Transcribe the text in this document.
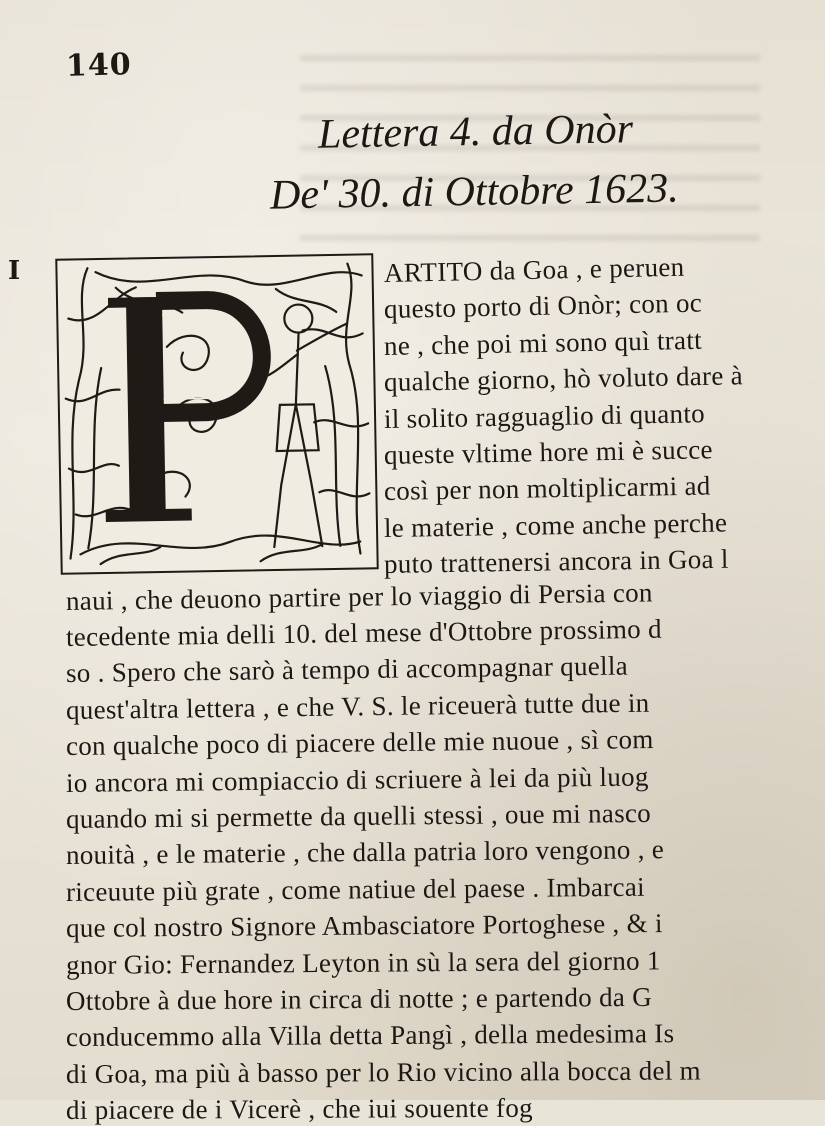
140
Lettera 4. da Onòr
De' 30. di Ottobre 1623.
I	ARTITO da Goa , e peruen
questo porto di Onòr; con oc
ne , che poi mi sono quì tratt
qualche giorno, hò voluto dare à
il solito ragguaglio di quanto
queste vltime hore mi è succe
così per non moltiplicarmi ad
le materie , come anche perche
puto trattenersi ancora in Goa l
naui , che deuono partire per lo viaggio di Persia con
tecedente mia delli 10. del mese d'Ottobre prossimo d
so . Spero che sarò à tempo di accompagnar quella
quest'altra lettera , e che V. S. le riceuerà tutte due in
con qualche poco di piacere delle mie nuoue , sì com
io ancora mi compiaccio di scriuere à lei da più luog
quando mi si permette da quelli stessi , oue mi nasco
nouità , e le materie , che dalla patria loro vengono , e
riceuute più grate , come natiue del paese . Imbarcai
que col nostro Signore Ambasciatore Portoghese , & i
gnor Gio: Fernandez Leyton in sù la sera del giorno 1
Ottobre à due hore in circa di notte ; e partendo da G
conducemmo alla Villa detta Pangì , della medesima Is
di Goa, ma più à basso per lo Rio vicino alla bocca del m
di piacere de i Vicerè , che iui souente fog
